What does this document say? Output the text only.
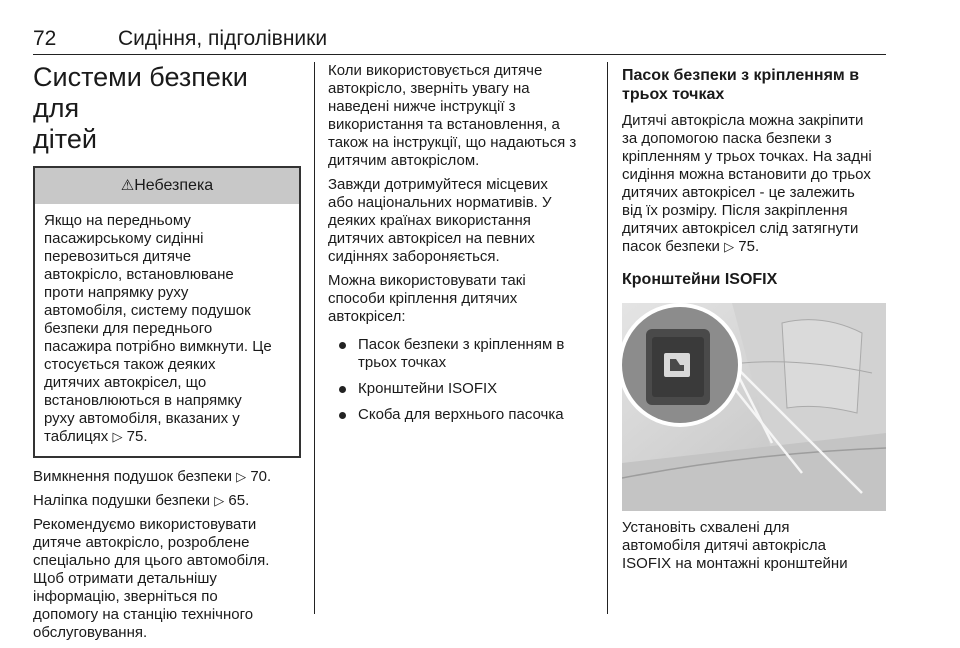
72	Сидіння, підголівники
Системи безпеки для
дітей
⚠Небезпека
Якщо на передньому
пасажирському сидінні
перевозиться дитяче
автокрісло, встановлюване
проти напрямку руху
автомобіля, систему подушок
безпеки для переднього
пасажира потрібно вимкнути. Це
стосується також деяких
дитячих автокрісел, що
встановлюються в напрямку
руху автомобіля, вказаних у
таблицях ▷ 75.

Вимкнення подушок безпеки ▷ 70.

Наліпка подушки безпеки ▷ 65.

Рекомендуємо використовувати
дитяче автокрісло, розроблене
спеціально для цього автомобіля.
Щоб отримати детальнішу
інформацію, зверніться по
допомогу на станцію технічного
обслуговування.

Коли використовується дитяче
автокрісло, зверніть увагу на
наведені нижче інструкції з
використання та встановлення, а
також на інструкції, що надаються з
дитячим автокріслом.

Завжди дотримуйтеся місцевих
або національних нормативів. У
деяких країнах використання
дитячих автокрісел на певних
сидіннях забороняється.

Можна використовувати такі
способи кріплення дитячих
автокрісел:

Пасок безпеки з кріпленням в
трьох точках
Кронштейни ISOFIX
Скоба для верхнього пасочка
Пасок безпеки з кріпленням в
трьох точках

Дитячі автокрісла можна закріпити
за допомогою паска безпеки з
кріпленням у трьох точках. На задні
сидіння можна встановити до трьох
дитячих автокрісел - це залежить
від їх розміру. Після закріплення
дитячих автокрісел слід затягнути
пасок безпеки ▷ 75.

Кронштейни ISOFIX

Установіть схвалені для
автомобіля дитячі автокрісла
ISOFIX на монтажні кронштейни
